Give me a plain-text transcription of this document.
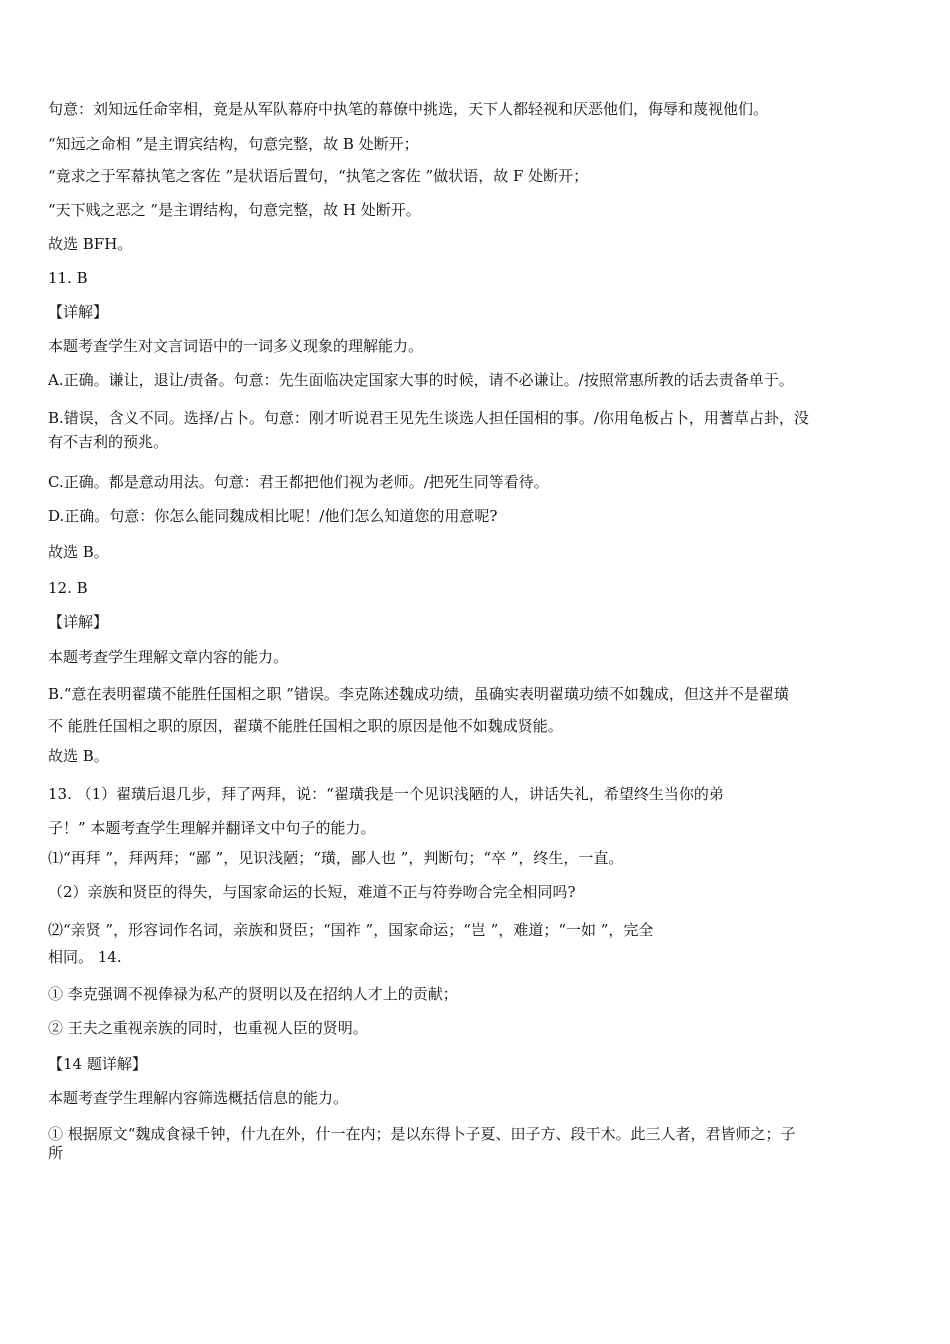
句意：刘知远任命宰相，竟是从军队幕府中执笔的幕僚中挑选，天下人都轻视和厌恶他们，侮辱和蔑视他们。
“知远之命相 ”是主谓宾结构，句意完整，故 B 处断开；
“竟求之于军幕执笔之客佐 ”是状语后置句，“执笔之客佐 ”做状语，故 F 处断开；
“天下贱之恶之 ”是主谓结构，句意完整，故 H 处断开。
故选 BFH。
11. B
【详解】
本题考查学生对文言词语中的一词多义现象的理解能力。
A.正确。谦让，退让/责备。句意：先生面临决定国家大事的时候，请不必谦让。/按照常惠所教的话去责备单于。
B.错误，含义不同。选择/占卜。句意：刚才听说君王见先生谈选人担任国相的事。/你用龟板占卜，用蓍草占卦，没
有不吉利的预兆。
C.正确。都是意动用法。句意：君王都把他们视为老师。/把死生同等看待。
D.正确。句意：你怎么能同魏成相比呢！/他们怎么知道您的用意呢?
故选 B。
12. B
【详解】
本题考查学生理解文章内容的能力。
B.“意在表明翟璜不能胜任国相之职 ”错误。李克陈述魏成功绩，虽确实表明翟璜功绩不如魏成，但这并不是翟璜
不 能胜任国相之职的原因，翟璜不能胜任国相之职的原因是他不如魏成贤能。
故选 B。
13. （1）翟璜后退几步，拜了两拜，说：“翟璜我是一个见识浅陋的人，讲话失礼，希望终生当你的弟
子！” 本题考查学生理解并翻译文中句子的能力。
⑴“再拜 ”，拜两拜；“鄙 ”，见识浅陋；“璜，鄙人也 ”，判断句；“卒 ”，终生，一直。
（2）亲族和贤臣的得失，与国家命运的长短，难道不正与符券吻合完全相同吗?
⑵“亲贤 ”，形容词作名词，亲族和贤臣；“国祚 ”，国家命运；“岂 ”，难道；“一如 ”，完全
相同。 14.
① 李克强调不视俸禄为私产的贤明以及在招纳人才上的贡献；
② 王夫之重视亲族的同时，也重视人臣的贤明。
【14 题详解】
本题考查学生理解内容筛选概括信息的能力。
① 根据原文“魏成食禄千钟，什九在外，什一在内；是以东得卜子夏、田子方、段干木。此三人者，君皆师之；子
所
